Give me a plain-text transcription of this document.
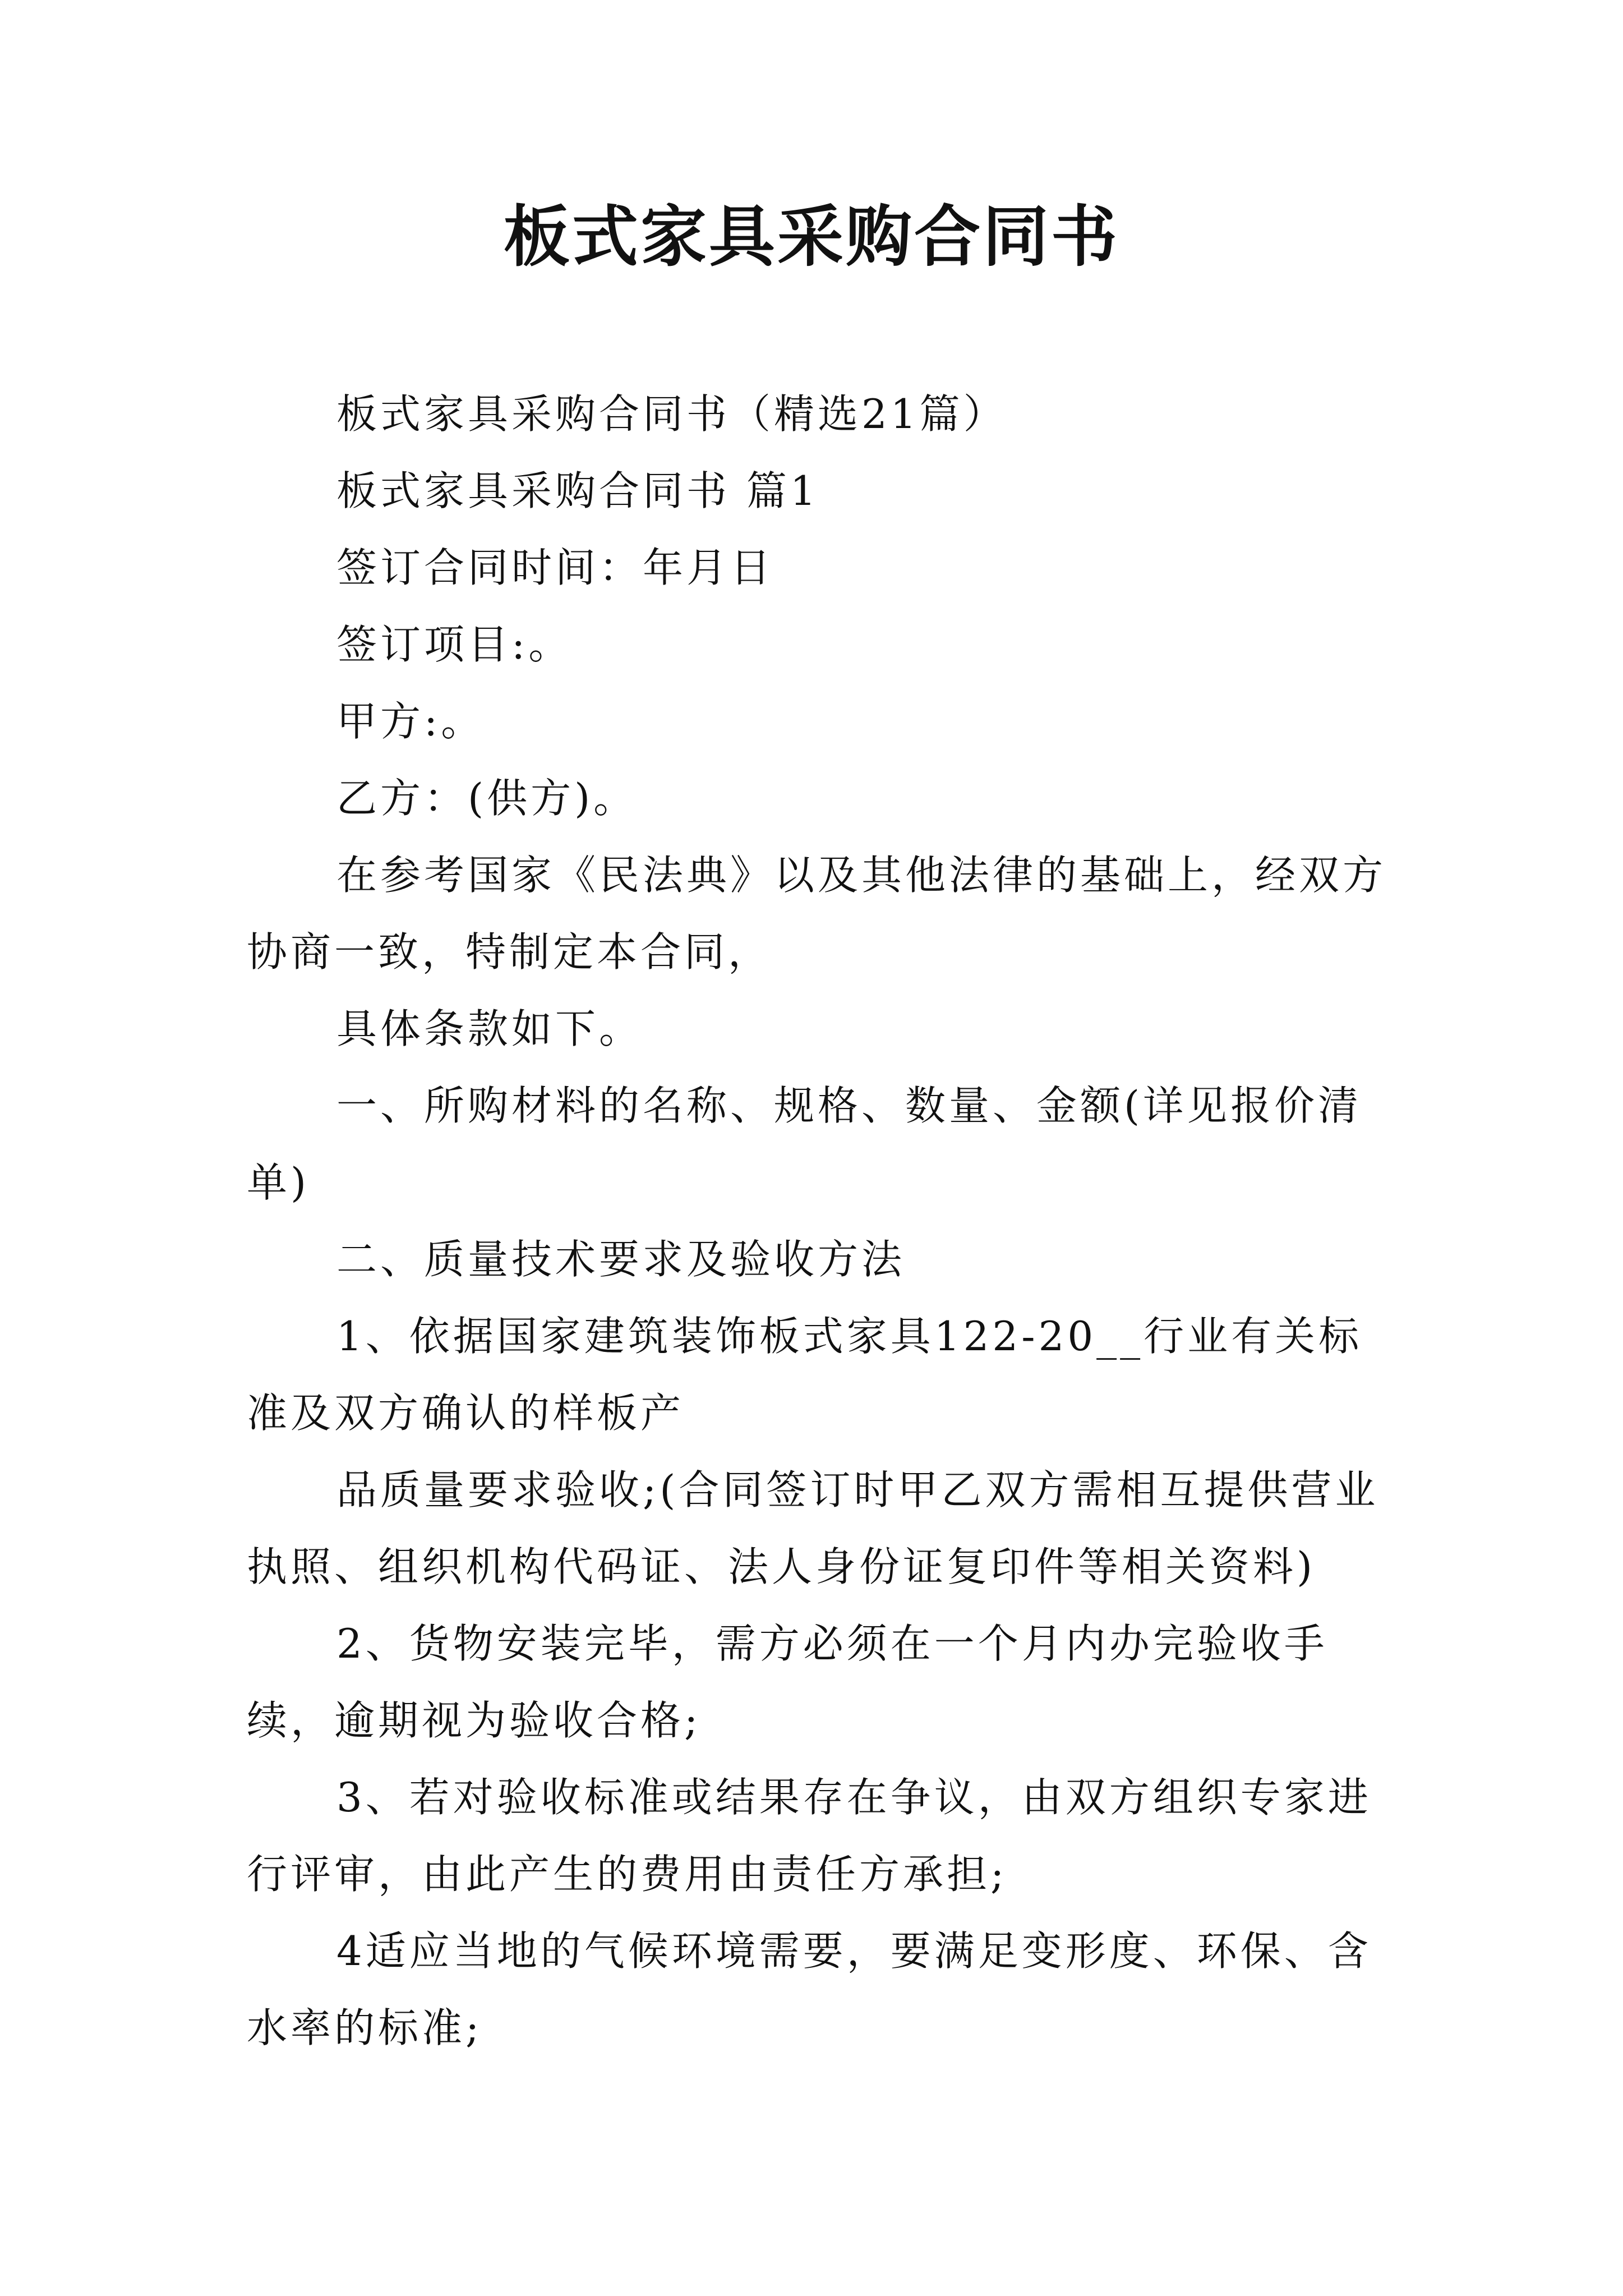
板式家具采购合同书

板式家具采购合同书（精选21篇）

板式家具采购合同书 篇1

签订合同时间：年月日

签订项目:。

甲方:。

乙方：(供方)。

在参考国家《民法典》以及其他法律的基础上，经双方协商一致，特制定本合同，

具体条款如下。

一、所购材料的名称、规格、数量、金额(详见报价清单)

二、质量技术要求及验收方法

1、依据国家建筑装饰板式家具122-20__行业有关标准及双方确认的样板产

品质量要求验收;(合同签订时甲乙双方需相互提供营业执照、组织机构代码证、法人身份证复印件等相关资料)

2、货物安装完毕，需方必须在一个月内办完验收手续，逾期视为验收合格;

3、若对验收标准或结果存在争议，由双方组织专家进行评审，由此产生的费用由责任方承担;

4适应当地的气候环境需要，要满足变形度、环保、含水率的标准;
